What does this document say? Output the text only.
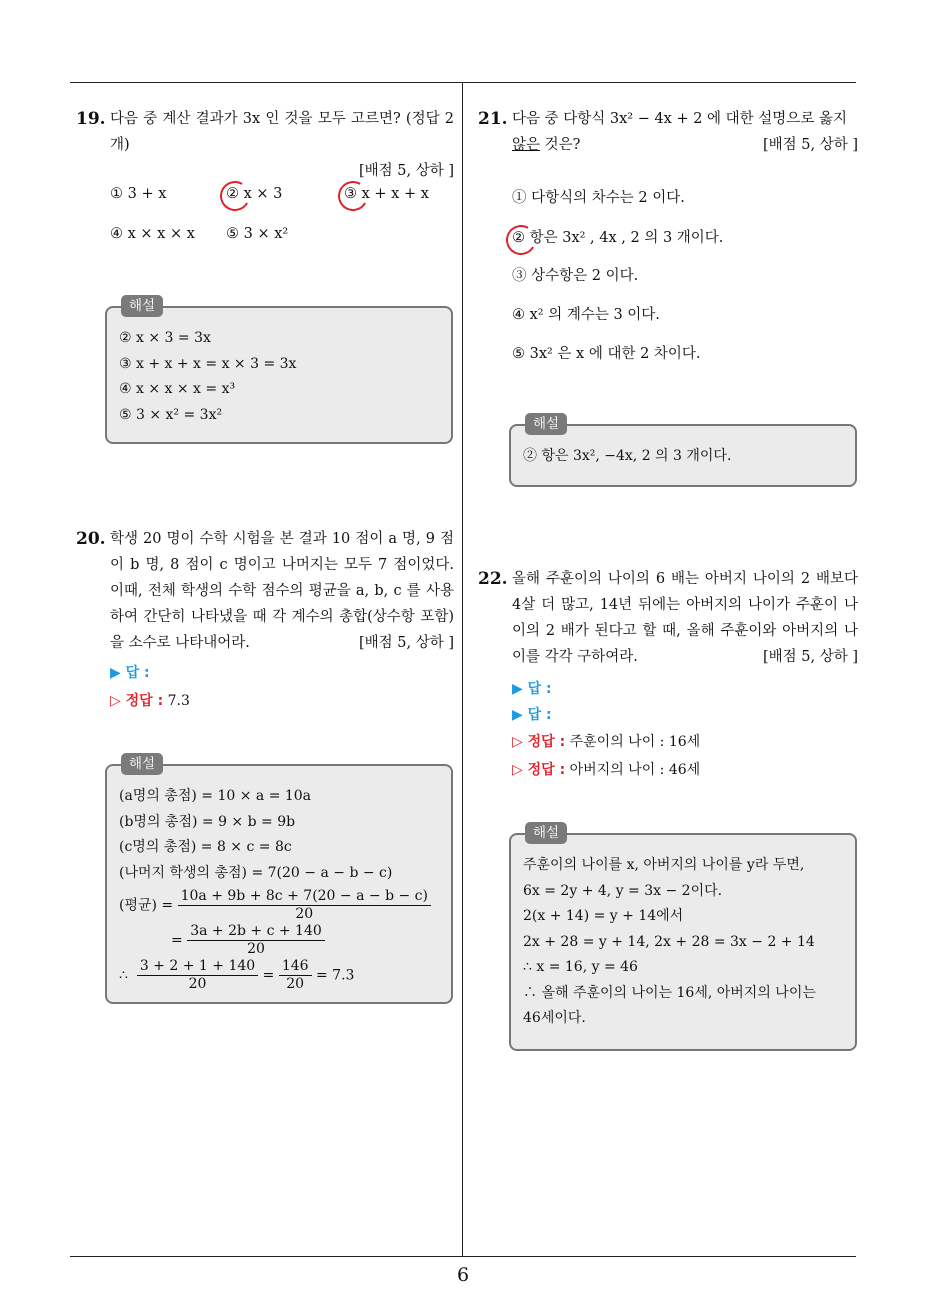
6
19. 다음 중 계산 결과가 3x 인 것을 모두 고르면? (정답 2 개)

[배점 5, 상하 ]
① 3 + x	② x × 3	③ x + x + x
④ x × x × x ⑤ 3 × x²
해설
② x × 3 = 3x
③ x + x + x = x × 3 = 3x
④ x × x × x = x³
⑤ 3 × x² = 3x²
20. 학생 20 명이 수학 시험을 본 결과 10 점이 a 명, 9 점이 b 명, 8 점이 c 명이고 나머지는 모두 7 점이었다. 이때, 전체 학생의 수학 점수의 평균을 a, b, c 를 사용하여 간단히 나타냈을 때 각 계수의 총합(상수항 포함)을 소수로 나타내어라.	[배점 5, 상하 ]
▶ 답 :
▷ 정답 : 7.3
해설
(a명의 총점) = 10 × a = 10a
(b명의 총점) = 9 × b = 9b
(c명의 총점) = 8 × c = 8c
(나머지 학생의 총점) = 7(20 − a − b − c)
(평균) = $\frac{10a + 9b + 8c + 7(20 - a - b - c)}{20}$
= $\frac{3a + 2b + c + 140}{20}$
∴ $\frac{3 + 2 + 1 + 140}{20} = \frac{146}{20} = 7.3$
21. 다음 중 다항식 3x² − 4x + 2 에 대한 설명으로 옳지
않은 것은?	[배점 5, 상하 ]
① 다항식의 차수는 2 이다.
② 항은 3x² , 4x , 2 의 3 개이다.
③ 상수항은 2 이다.
④ x² 의 계수는 3 이다.
⑤ 3x² 은 x 에 대한 2 차이다.
해설
② 항은 3x², −4x, 2 의 3 개이다.
22. 올해 주훈이의 나이의 6 배는 아버지 나이의 2 배보다 4살 더 많고, 14년 뒤에는 아버지의 나이가 주훈이 나이의 2 배가 된다고 할 때, 올해 주훈이와 아버지의 나이를 각각 구하여라.	[배점 5, 상하 ]
▶ 답 :
▶ 답 :
▷ 정답 : 주훈이의 나이 : 16세
▷ 정답 : 아버지의 나이 : 46세
해설
주훈이의 나이를 x, 아버지의 나이를 y라 두면,
6x = 2y + 4, y = 3x − 2이다.
2(x + 14) = y + 14에서
2x + 28 = y + 14, 2x + 28 = 3x − 2 + 14
∴ x = 16, y = 46
∴ 올해 주훈이의 나이는 16세, 아버지의 나이는
46세이다.
